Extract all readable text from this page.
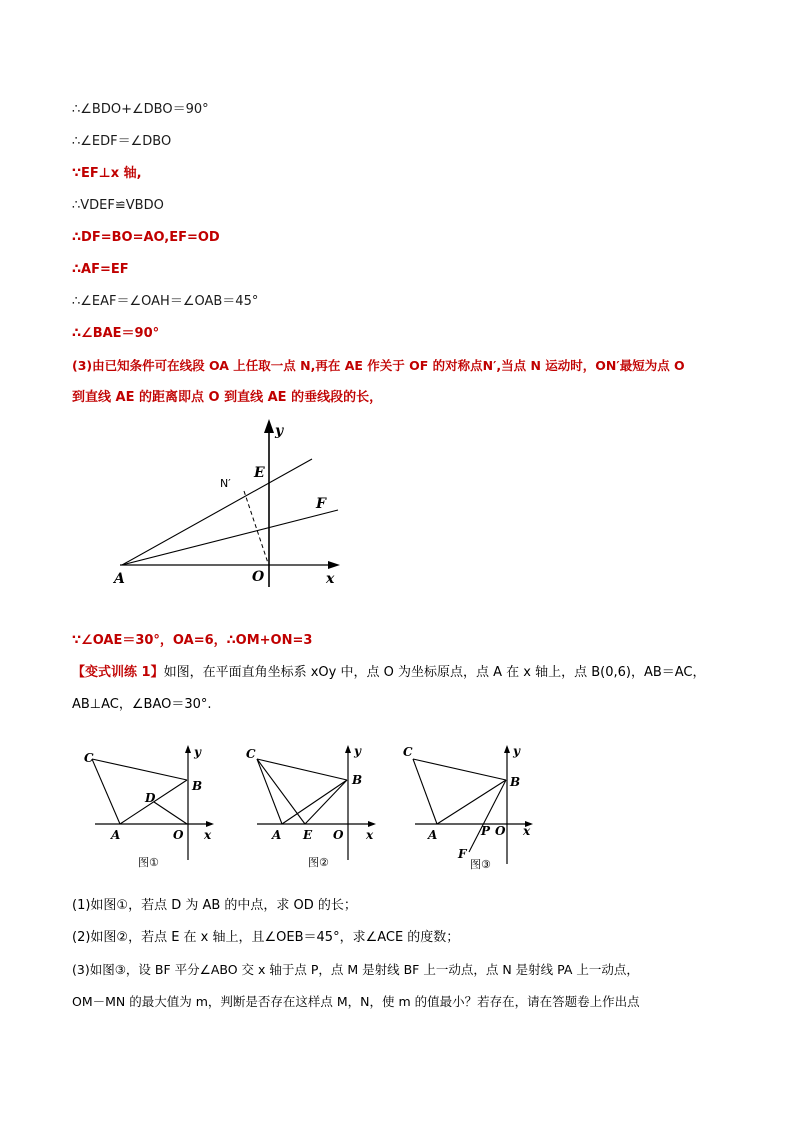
∴∠BDO+∠DBO＝90°
∴∠EDF＝∠DBO
∵EF⊥x 轴,
∴VDEF≌VBDO
∴DF=BO=AO,EF=OD
∴AF=EF
∴∠EAF＝∠OAH＝∠OAB＝45°
∴∠BAE＝90°
(3)由已知条件可在线段 OA 上任取一点 N,再在 AE 作关于 OF 的对称点N′,当点 N 运动时，ON′最短为点 O
到直线 AE 的距离即点 O 到直线 AE 的垂线段的长，
y
x
E
F
N′
A	O
∵∠OAE＝30°，OA=6，∴OM+ON=3
【变式训练 1】如图，在平面直角坐标系 xOy 中，点 O 为坐标原点，点 A 在 x 轴上，点 B(0,6)，AB＝AC，
AB⊥AC，∠BAO＝30°.
C
B
D
A	O x
y
图①
C
B
A E O x
y
图②
C
B
A	P O
F
x
y
图③
(1)如图①，若点 D 为 AB 的中点，求 OD 的长；
(2)如图②，若点 E 在 x 轴上，且∠OEB＝45°，求∠ACE 的度数；
(3)如图③，设 BF 平分∠ABO 交 x 轴于点 P，点 M 是射线 BF 上一动点，点 N 是射线 PA 上一动点，
OM－MN 的最大值为 m，判断是否存在这样点 M，N，使 m 的值最小？若存在，请在答题卷上作出点
